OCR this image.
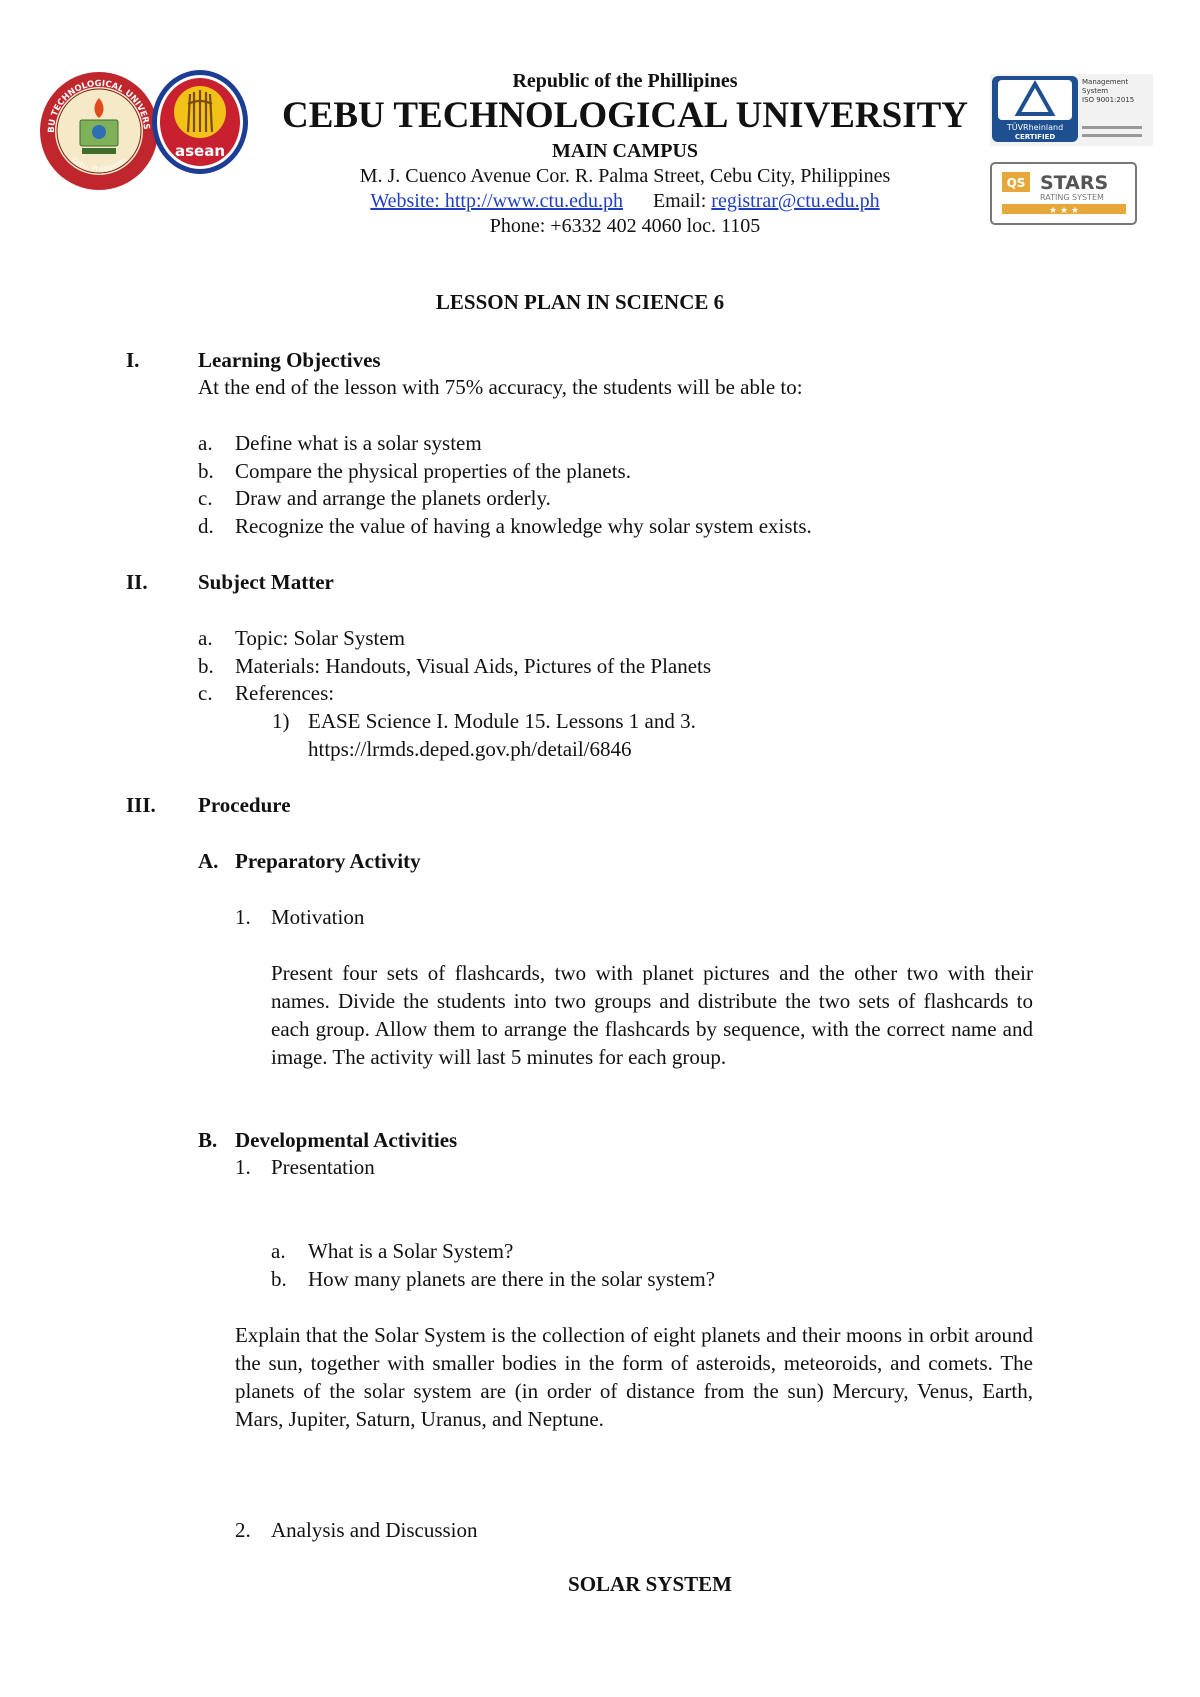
BU TECHNOLOGICAL UNIVERS
Cebu, Philippines	asean
TÜVRheinland
CERTIFIED
Management
System
ISO 9001:2015
QS STARS
RATING SYSTEM
★ ★ ★
Republic of the Phillipines
CEBU TECHNOLOGICAL UNIVERSITY
MAIN CAMPUS
M. J. Cuenco Avenue Cor. R. Palma Street, Cebu City, Philippines
Website: http://www.ctu.edu.ph Email: registrar@ctu.edu.ph
Phone: +6332 402 4060 loc. 1105
LESSON PLAN IN SCIENCE 6
I.	Learning Objectives
At the end of the lesson with 75% accuracy, the students will be able to:
a. Define what is a solar system
b. Compare the physical properties of the planets.
c. Draw and arrange the planets orderly.
d. Recognize the value of having a knowledge why solar system exists.
II. Subject Matter
a. Topic: Solar System
b. Materials: Handouts, Visual Aids, Pictures of the Planets
c. References:
1) EASE Science I. Module 15. Lessons 1 and 3.
https://lrmds.deped.gov.ph/detail/6846
III. Procedure
A. Preparatory Activity
1. Motivation
Present four sets of flashcards, two with planet pictures and the other two with their names. Divide the students into two groups and distribute the two sets of flashcards to each group. Allow them to arrange the flashcards by sequence, with the correct name and image. The activity will last 5 minutes for each group.
B. Developmental Activities
1. Presentation
a. What is a Solar System?
b. How many planets are there in the solar system?
Explain that the Solar System is the collection of eight planets and their moons in orbit around the sun, together with smaller bodies in the form of asteroids, meteoroids, and comets. The planets of the solar system are (in order of distance from the sun) Mercury, Venus, Earth, Mars, Jupiter, Saturn, Uranus, and Neptune.
2. Analysis and Discussion
SOLAR SYSTEM
